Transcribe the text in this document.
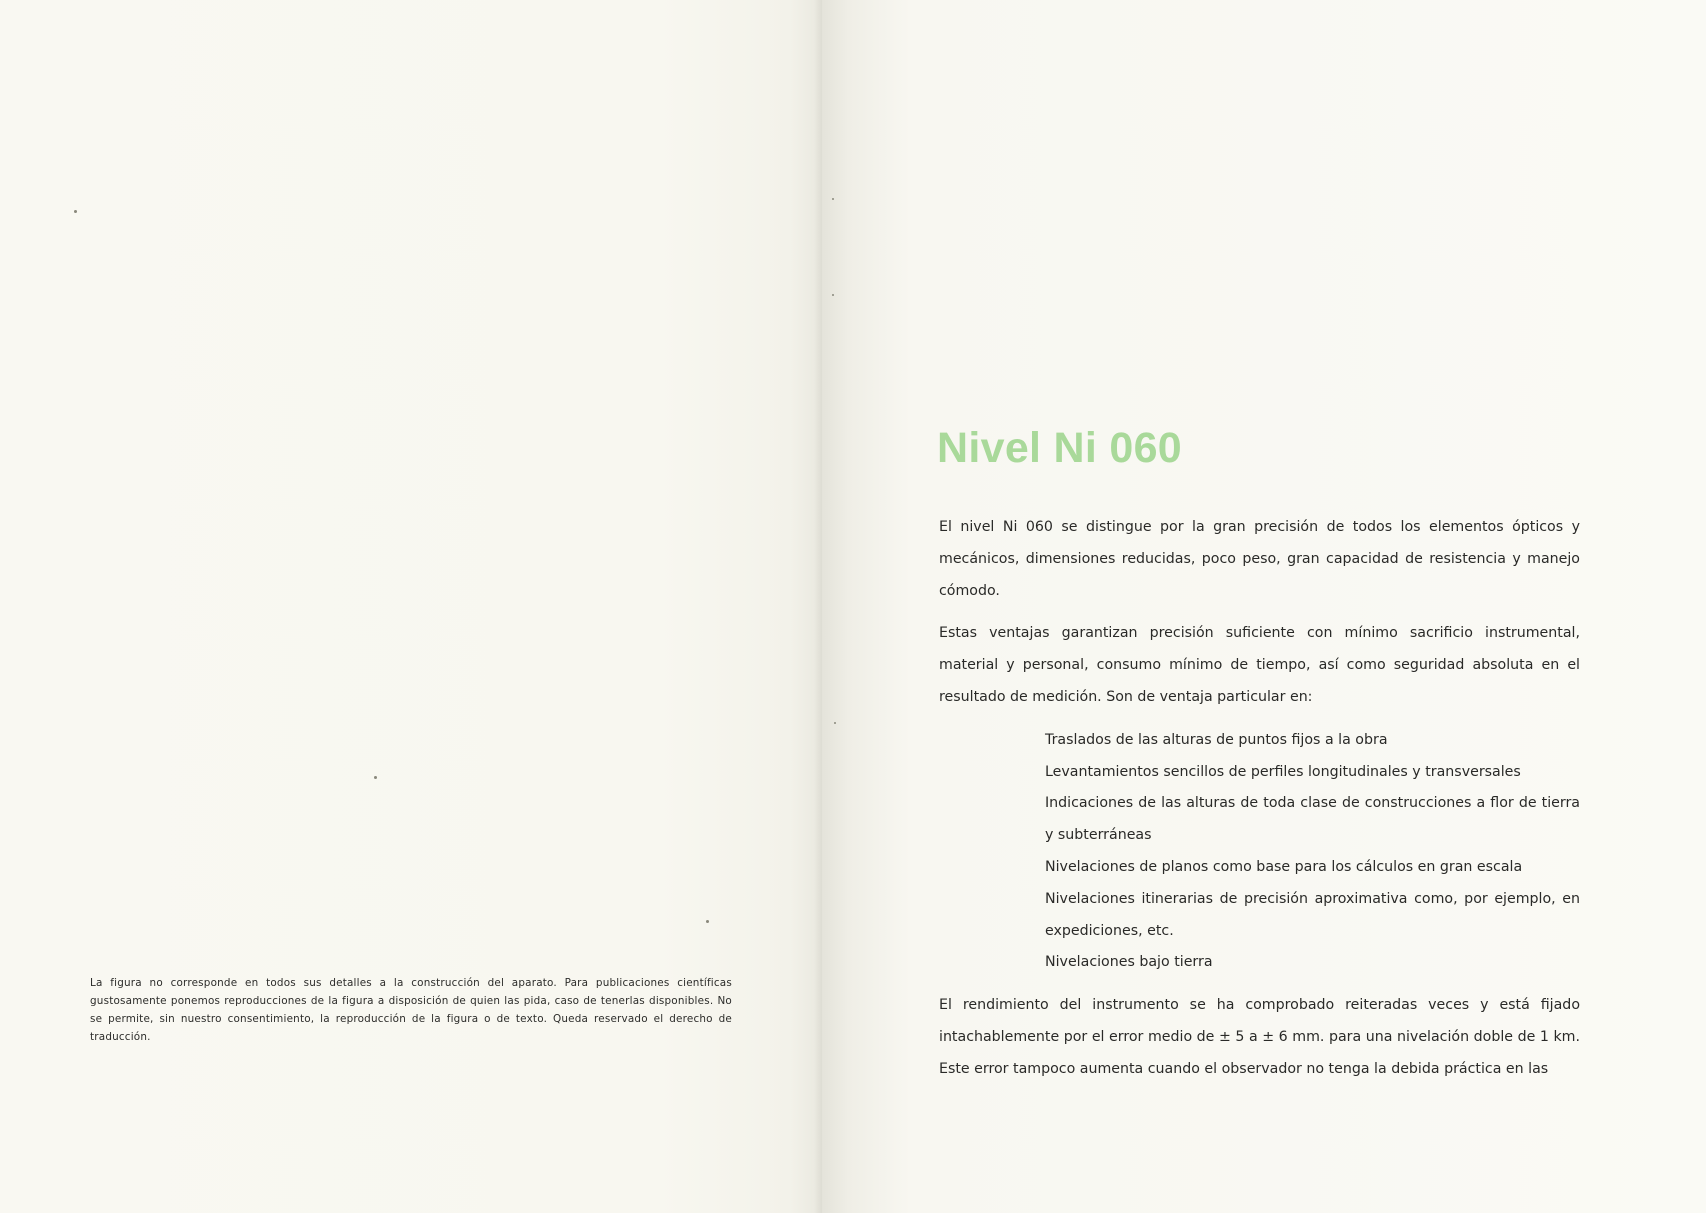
La figura no corresponde en todos sus detalles a la construcción del aparato. Para publicaciones científicas gustosamente ponemos reproducciones de la figura a disposición de quien las pida, caso de tenerlas disponibles. No se permite, sin nuestro consentimiento, la reproducción de la figura o de texto. Queda reservado el derecho de traducción.

Nivel Ni 060

El nivel Ni 060 se distingue por la gran precisión de todos los elementos ópticos y mecánicos, dimensiones reducidas, poco peso, gran capacidad de resistencia y manejo cómodo.

Estas ventajas garantizan precisión suficiente con mínimo sacrificio instrumental, material y personal, consumo mínimo de tiempo, así como seguridad absoluta en el resultado de medición. Son de ventaja particular en:

Traslados de las alturas de puntos fijos a la obra
Levantamientos sencillos de perfiles longitudinales y transversales
Indicaciones de las alturas de toda clase de construcciones a flor de tierra y subterráneas
Nivelaciones de planos como base para los cálculos en gran escala
Nivelaciones itinerarias de precisión aproximativa como, por ejemplo, en expediciones, etc.
Nivelaciones bajo tierra

El rendimiento del instrumento se ha comprobado reiteradas veces y está fijado intachablemente por el error medio de ± 5 a ± 6 mm. para una nivelación doble de 1 km. Este error tampoco aumenta cuando el observador no tenga la debida práctica en las
